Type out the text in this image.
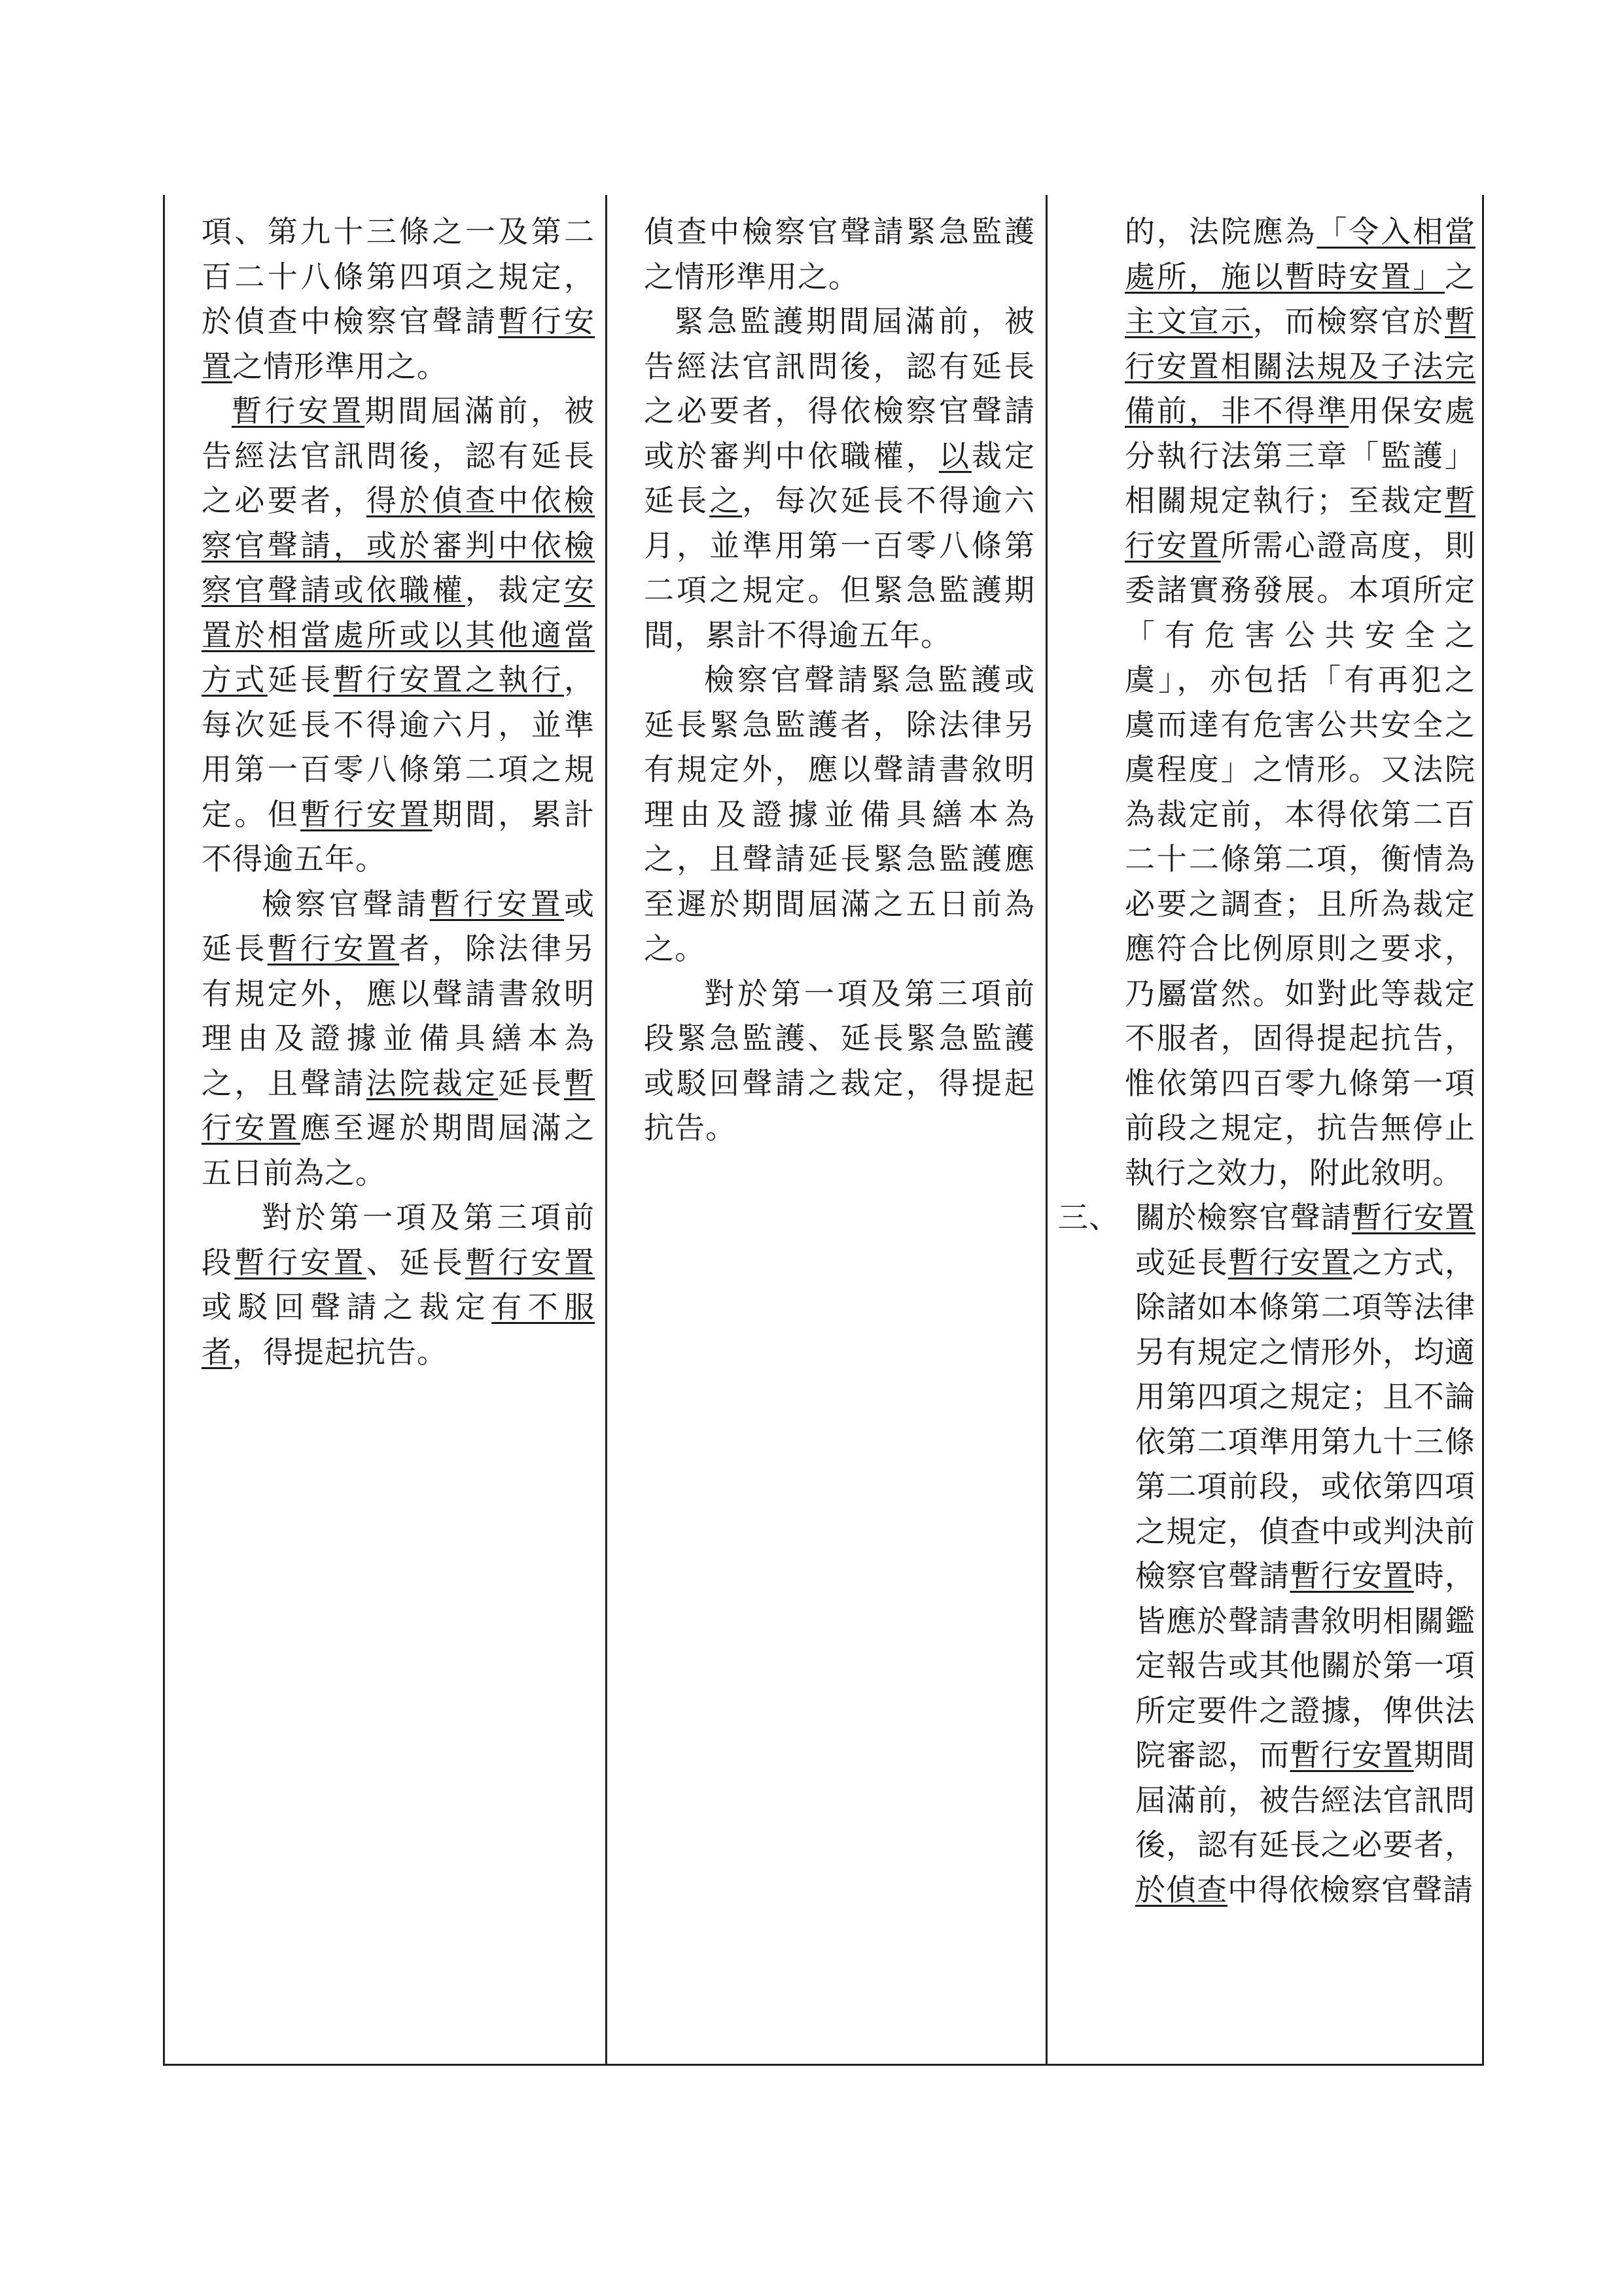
項、第九十三條之一及第二百二十八條第四項之規定，於偵查中檢察官聲請暫行安置之情形準用之。

暫行安置期間屆滿前，被告經法官訊問後，認有延長之必要者，得於偵查中依檢察官聲請，或於審判中依檢察官聲請或依職權，裁定安置於相當處所或以其他適當方式延長暫行安置之執行，每次延長不得逾六月，並準用第一百零八條第二項之規定。但暫行安置期間，累計不得逾五年。

檢察官聲請暫行安置或延長暫行安置者，除法律另有規定外，應以聲請書敘明理由及證據並備具繕本為之，且聲請法院裁定延長暫行安置應至遲於期間屆滿之五日前為之。

對於第一項及第三項前段暫行安置、延長暫行安置或駁回聲請之裁定有不服者，得提起抗告。

偵查中檢察官聲請緊急監護之情形準用之。

緊急監護期間屆滿前，被告經法官訊問後，認有延長之必要者，得依檢察官聲請或於審判中依職權，以裁定延長之，每次延長不得逾六月，並準用第一百零八條第二項之規定。但緊急監護期間，累計不得逾五年。

檢察官聲請緊急監護或延長緊急監護者，除法律另有規定外，應以聲請書敘明理由及證據並備具繕本為之，且聲請延長緊急監護應至遲於期間屆滿之五日前為之。

對於第一項及第三項前段緊急監護、延長緊急監護或駁回聲請之裁定，得提起抗告。

的，法院應為「令入相當處所，施以暫時安置」之主文宣示，而檢察官於暫行安置相關法規及子法完備前，非不得準用保安處分執行法第三章「監護」相關規定執行；至裁定暫行安置所需心證高度，則委諸實務發展。本項所定「有危害公共安全之虞」，亦包括「有再犯之虞而達有危害公共安全之虞程度」之情形。又法院為裁定前，本得依第二百二十二條第二項，衡情為必要之調查；且所為裁定應符合比例原則之要求，乃屬當然。如對此等裁定不服者，固得提起抗告，惟依第四百零九條第一項前段之規定，抗告無停止執行之效力，附此敘明。

三、 關於檢察官聲請暫行安置或延長暫行安置之方式，除諸如本條第二項等法律另有規定之情形外，均適用第四項之規定；且不論依第二項準用第九十三條第二項前段，或依第四項之規定，偵查中或判決前檢察官聲請暫行安置時，皆應於聲請書敘明相關鑑定報告或其他關於第一項所定要件之證據，俾供法院審認，而暫行安置期間屆滿前，被告經法官訊問後，認有延長之必要者，於偵查中得依檢察官聲請
